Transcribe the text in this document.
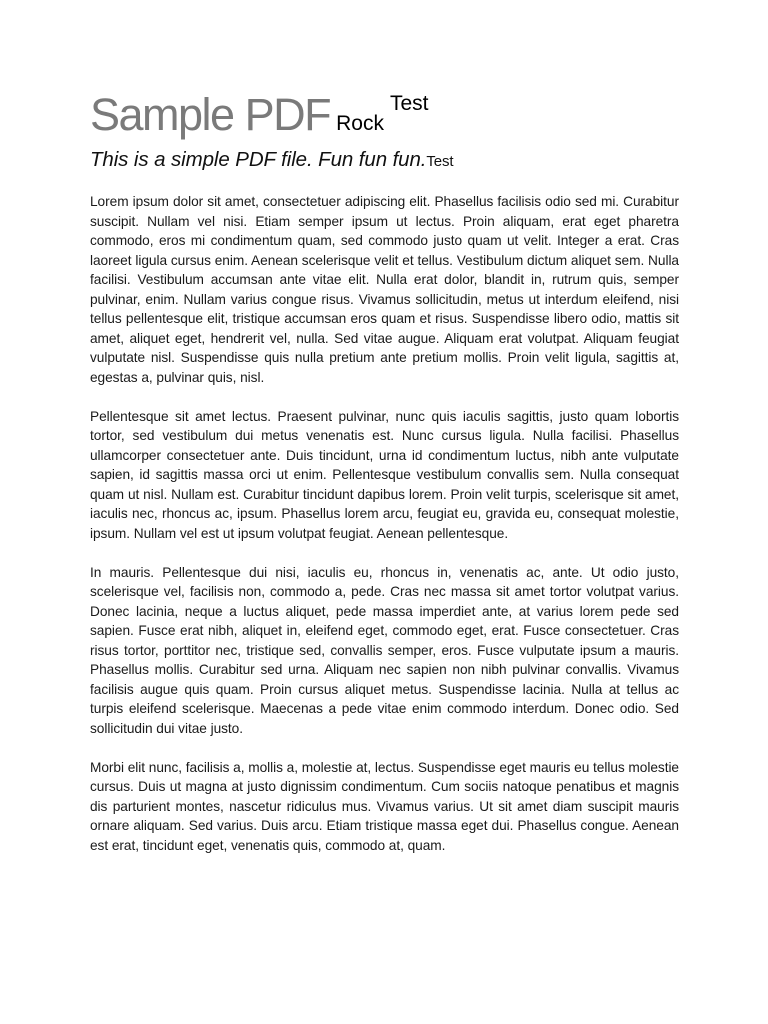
Sample PDF RockTest
This is a simple PDF file. Fun fun fun.Test

Lorem ipsum dolor sit amet, consectetuer adipiscing elit. Phasellus facilisis odio sed mi. Curabitur suscipit. Nullam vel nisi. Etiam semper ipsum ut lectus. Proin aliquam, erat eget pharetra commodo, eros mi condimentum quam, sed commodo justo quam ut velit. Integer a erat. Cras laoreet ligula cursus enim. Aenean scelerisque velit et tellus. Vestibulum dictum aliquet sem. Nulla facilisi. Vestibulum accumsan ante vitae elit. Nulla erat dolor, blandit in, rutrum quis, semper pulvinar, enim. Nullam varius congue risus. Vivamus sollicitudin, metus ut interdum eleifend, nisi tellus pellentesque elit, tristique accumsan eros quam et risus. Suspendisse libero odio, mattis sit amet, aliquet eget, hendrerit vel, nulla. Sed vitae augue. Aliquam erat volutpat. Aliquam feugiat vulputate nisl. Suspendisse quis nulla pretium ante pretium mollis. Proin velit ligula, sagittis at, egestas a, pulvinar quis, nisl.

Pellentesque sit amet lectus. Praesent pulvinar, nunc quis iaculis sagittis, justo quam lobortis tortor, sed vestibulum dui metus venenatis est. Nunc cursus ligula. Nulla facilisi. Phasellus ullamcorper consectetuer ante. Duis tincidunt, urna id condimentum luctus, nibh ante vulputate sapien, id sagittis massa orci ut enim. Pellentesque vestibulum convallis sem. Nulla consequat quam ut nisl. Nullam est. Curabitur tincidunt dapibus lorem. Proin velit turpis, scelerisque sit amet, iaculis nec, rhoncus ac, ipsum. Phasellus lorem arcu, feugiat eu, gravida eu, consequat molestie, ipsum. Nullam vel est ut ipsum volutpat feugiat. Aenean pellentesque.

In mauris. Pellentesque dui nisi, iaculis eu, rhoncus in, venenatis ac, ante. Ut odio justo, scelerisque vel, facilisis non, commodo a, pede. Cras nec massa sit amet tortor volutpat varius. Donec lacinia, neque a luctus aliquet, pede massa imperdiet ante, at varius lorem pede sed sapien. Fusce erat nibh, aliquet in, eleifend eget, commodo eget, erat. Fusce consectetuer. Cras risus tortor, porttitor nec, tristique sed, convallis semper, eros. Fusce vulputate ipsum a mauris. Phasellus mollis. Curabitur sed urna. Aliquam nec sapien non nibh pulvinar convallis. Vivamus facilisis augue quis quam. Proin cursus aliquet metus. Suspendisse lacinia. Nulla at tellus ac turpis eleifend scelerisque. Maecenas a pede vitae enim commodo interdum. Donec odio. Sed sollicitudin dui vitae justo.

Morbi elit nunc, facilisis a, mollis a, molestie at, lectus. Suspendisse eget mauris eu tellus molestie cursus. Duis ut magna at justo dignissim condimentum. Cum sociis natoque penatibus et magnis dis parturient montes, nascetur ridiculus mus. Vivamus varius. Ut sit amet diam suscipit mauris ornare aliquam. Sed varius. Duis arcu. Etiam tristique massa eget dui. Phasellus congue. Aenean est erat, tincidunt eget, venenatis quis, commodo at, quam.
